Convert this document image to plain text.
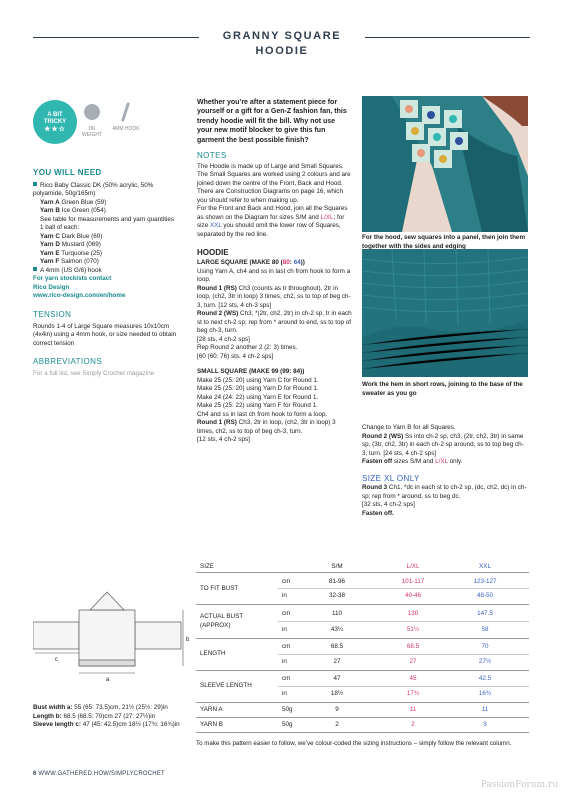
GRANNY SQUARE HOODIE
A BIT
TRICKY
★★☆	DK WEIGHT
4MM HOOK
YOU WILL NEED
Rico Baby Classic DK (50% acrylic, 50% polyamide, 50g/165m)
Yarn A Green Blue (59)
Yarn B Ice Green (054)
See table for measurements and yarn quantities
1 ball of each:
Yarn C Dark Blue (60)
Yarn D Mustard (069)
Yarn E Turquoise (25)
Yarn F Salmon (070)
A 4mm (US G/6) hook
For yarn stockists contact
Rico Design
www.rico-design.com/en/home
TENSION
Rounds 1-4 of Large Square measures 10x10cm (4x4in) using a 4mm hook, or size needed to obtain correct tension
ABBREVIATIONS
For a full list, see Simply Crochet magazine
Whether you’re after a statement piece for yourself or a gift for a Gen-Z fashion fan, this trendy hoodie will fit the bill. Why not use your new motif blocker to give this fun garment the best possible finish?
NOTES
The Hoodie is made up of Large and Small Squares. The Small Squares are worked using 2 colours and are joined down the centre of the Front, Back and Hood.
There are Construction Diagrams on page 16, which you should refer to when making up.
For the Front and Back and Hood, join all the Squares as shown on the Diagram for sizes S/M and L/XL; for size XXL you should omit the lower row of Squares, separated by the red line.
HOODIE
LARGE SQUARE (MAKE 80 (80: 64))
Using Yarn A, ch4 and ss in last ch from hook to form a loop.
Round 1 (RS) Ch3 (counts as tr throughout), 2tr in loop, (ch2, 3tr in loop) 3 times, ch2, ss to top of beg ch-3, turn. [12 sts, 4 ch-3 sps]
Round 2 (WS) Ch3, *(2tr, ch2, 2tr) in ch-2 sp, tr in each st to next ch-2 sp; rep from * around to end, ss to top of beg ch-3, turn.
[28 sts, 4 ch-2 sps]
Rep Round 2 another 2 (2: 3) times.
[60 (60: 76) sts, 4 ch-2 sps]
SMALL SQUARE (MAKE 99 (99: 84))
Make 25 (25: 20) using Yarn C for Round 1.
Make 25 (25: 20) using Yarn D for Round 1.
Make 24 (24: 22) using Yarn E for Round 1.
Make 25 (25: 22) using Yarn F for Round 1.
Ch4 and ss in last ch from hook to form a loop.
Round 1 (RS) Ch3, 2tr in loop, (ch2, 3tr in loop) 3 times, ch2, ss to top of beg ch-3, turn.
[12 sts, 4 ch-2 sps]
For the hood, sew squares into a panel, then join them together with the sides and edging
Work the hem in short rows, joining to the base of the sweater as you go
Change to Yarn B for all Squares.
Round 2 (WS) Ss into ch-2 sp, ch3, (2tr, ch2, 3tr) in same sp, (3tr, ch2, 3tr) in each ch-2 sp around, ss to top beg ch-3, turn. [24 sts, 4 ch-2 sps]
Fasten off sizes S/M and L/XL only.
SIZE XL ONLY
Round 3 Ch1, *dc in each st to ch-2 sp, (dc, ch2, dc) in ch-sp; rep from * around, ss to beg dc.
[32 sts, 4 ch-2 sps]
Fasten off.
a
b
c
Bust width a: 55 (65: 73.5)cm, 21½ (25½: 29)in
Length b: 68.5 (68.5: 70)cm 27 (27: 27½)in
Sleeve length c: 47 (45: 42.5)cm 18½ (17¾: 16¾)in
SIZE	S/M	L/XL	XXL
TO FIT BUST
cm	81-96	101-117	123-127
in	32-38	40-46	48-50
ACTUAL BUST (APPROX)
cm	110	130	147.5
in	43¼	51¼	58
LENGTH
cm	68.5	68.5	70
in	27	27	27½
SLEEVE LENGTH
cm	47	45	42.5
in	18½	17¾	16¾
YARN A	50g	9	11	11
YARN B	50g	2	2	3
To make this pattern easier to follow, we’ve colour-coded the sizing instructions – simply follow the relevant column.
6 WWW.GATHERED.HOW/SIMPLYCROCHET
PassionForum.ru
